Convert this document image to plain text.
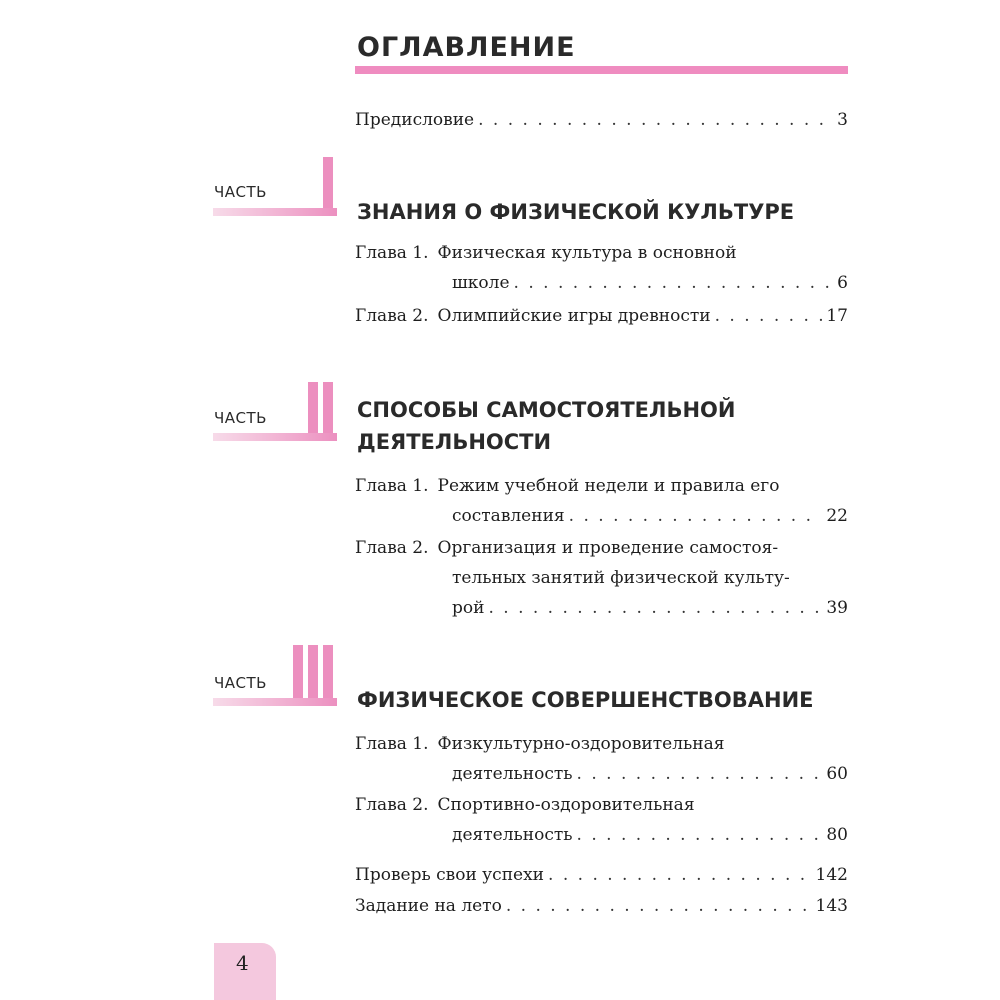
ОГЛАВЛЕНИЕ
Предисловие . . .	3
ЧАСТЬ
ЗНАНИЯ О ФИЗИЧЕСКОЙ КУЛЬТУРЕ
Глава 1. Физическая культура в основной
школе . . .	6
Глава 2. Олимпийские игры древности . . .	17
ЧАСТЬ	СПОСОБЫ САМОСТОЯТЕЛЬНОЙ
ДЕЯТЕЛЬНОСТИ
Глава 1. Режим учебной недели и правила его
составления . . .	22
Глава 2. Организация и проведение самостоя-
тельных занятий физической культу-
рой . . .	39
ЧАСТЬ
ФИЗИЧЕСКОЕ СОВЕРШЕНСТВОВАНИЕ
Глава 1. Физкультурно-оздоровительная
деятельность . . .	60
Глава 2. Спортивно-оздоровительная
деятельность . . .	80
Проверь свои успехи . . .	142
Задание на лето . . .	143
4
